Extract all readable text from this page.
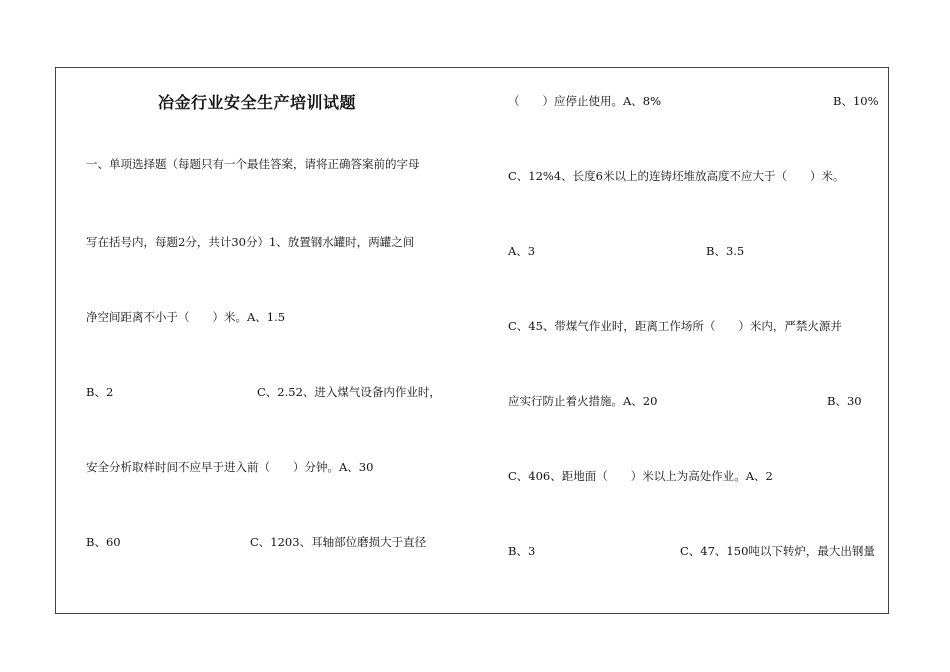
冶金行业安全生产培训试题
一、单项选择题（每题只有一个最佳答案，请将正确答案前的字母
写在括号内，每题2分，共计30分）1、放置钢水罐时，两罐之间
净空间距离不小于（　　）米。A、1.5
B、2	C、2.52、进入煤气设备内作业时，
安全分析取样时间不应早于进入前（　　）分钟。A、30
B、60	C、1203、耳轴部位磨损大于直径
（　　）应停止使用。A、8%	B、10%
C、12%4、长度6米以上的连铸坯堆放高度不应大于（　　）米。
A、3	B、3.5
C、45、带煤气作业时，距离工作场所（　　）米内，严禁火源并
应实行防止着火措施。A、20	B、30
C、406、距地面（　　）米以上为高处作业。A、2
B、3	C、47、150吨以下转炉，最大出钢量
